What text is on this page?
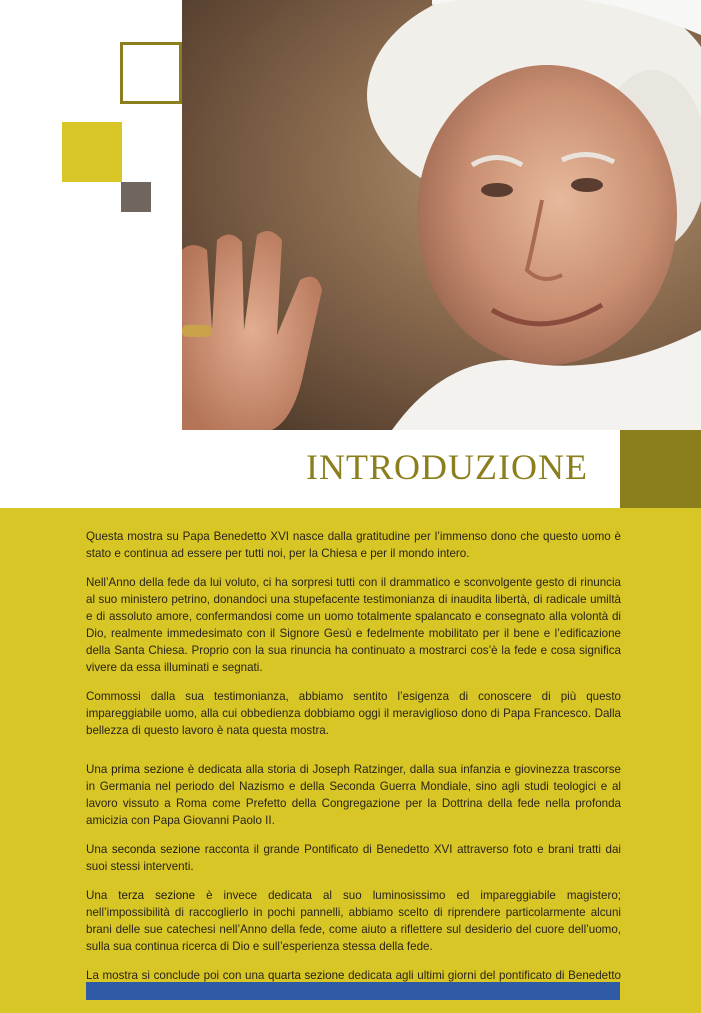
INTRODUZIONE

Questa mostra su Papa Benedetto XVI nasce dalla gratitudine per l’immenso dono che questo uomo è stato e continua ad essere per tutti noi, per la Chiesa e per il mondo intero.

Nell’Anno della fede da lui voluto, ci ha sorpresi tutti con il drammatico e sconvolgente gesto di rinuncia al suo ministero petrino, donandoci una stupefacente testimonianza di inaudita libertà, di radicale umiltà e di assoluto amore, confermandosi come un uomo totalmente spalancato e consegnato alla volontà di Dio, realmente immedesimato con il Signore Gesù e fedelmente mobilitato per il bene e l’edificazione della Santa Chiesa. Proprio con la sua rinuncia ha continuato a mostrarci cos’è la fede e cosa significa vivere da essa illuminati e segnati.

Commossi dalla sua testimonianza, abbiamo sentito l’esigenza di conoscere di più questo impareggiabile uomo, alla cui obbedienza dobbiamo oggi il meraviglioso dono di Papa Francesco. Dalla bellezza di questo lavoro è nata questa mostra.

Una prima sezione è dedicata alla storia di Joseph Ratzinger, dalla sua infanzia e giovinezza trascorse in Germania nel periodo del Nazismo e della Seconda Guerra Mondiale, sino agli studi teologici e al lavoro vissuto a Roma come Prefetto della Congregazione per la Dottrina della fede nella profonda amicizia con Papa Giovanni Paolo II.

Una seconda sezione racconta il grande Pontificato di Benedetto XVI attraverso foto e brani tratti dai suoi stessi interventi.

Una terza sezione è invece dedicata al suo luminosissimo ed impareggiabile magistero; nell’impossibilità di raccoglierlo in pochi pannelli, abbiamo scelto di riprendere particolarmente alcuni brani delle sue catechesi nell’Anno della fede, come aiuto a riflettere sul desiderio del cuore dell’uomo, sulla sua continua ricerca di Dio e sull’esperienza stessa della fede.

La mostra si conclude poi con una quarta sezione dedicata agli ultimi giorni del pontificato di Benedetto
